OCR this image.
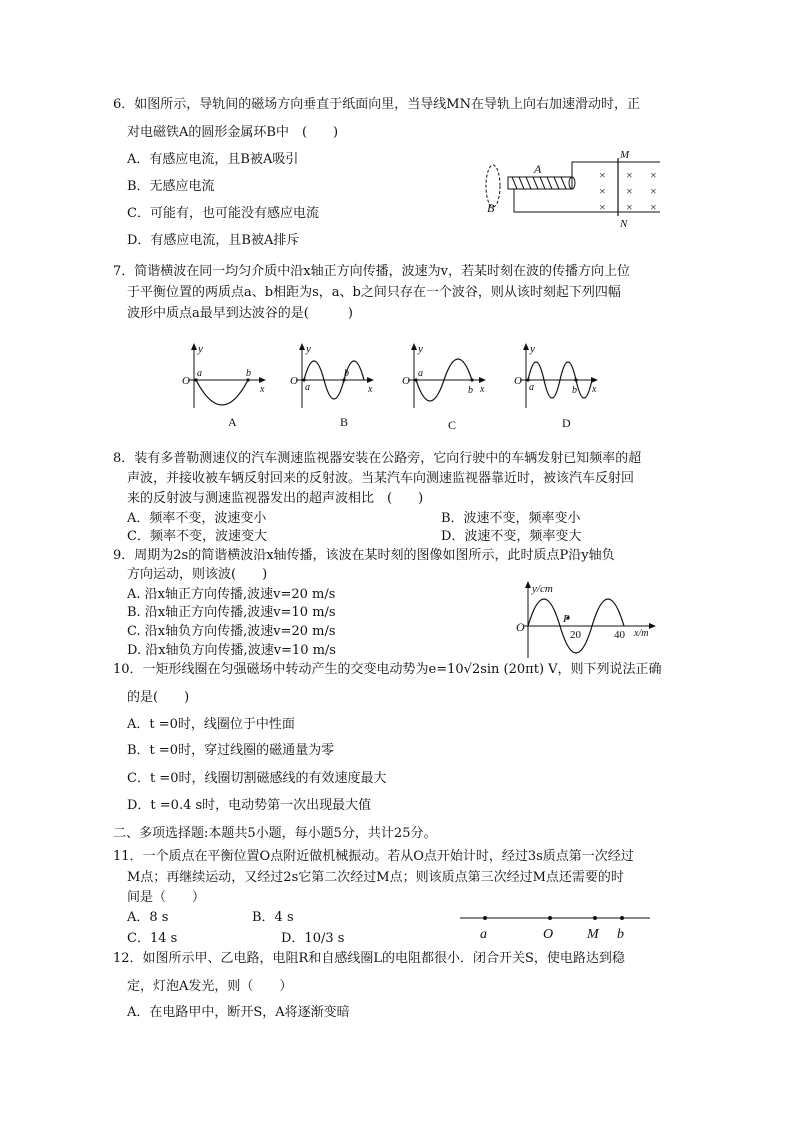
6．如图所示，导轨间的磁场方向垂直于纸面向里，当导线MN在导轨上向右加速滑动时，正
对电磁铁A的圆形金属环B中　(　　)
A．有感应电流，且B被A吸引
B．无感应电流
C．可能有，也可能没有感应电流
D．有感应电流，且B被A排斥
B
A
M
N
× × ×
× × ×
× × ×
7．简谐横波在同一均匀介质中沿x轴正方向传播，波速为v，若某时刻在波的传播方向上位
于平衡位置的两质点a、b相距为s，a、b之间只存在一个波谷，则从该时刻起下列四幅
波形中质点a最早到达波谷的是(　　　)
y
O
a	b
x
A
y
O
a
b
x
B
y
O
a
b x
C
y
O
a	b x
D
8．装有多普勒测速仪的汽车测速监视器安装在公路旁，它向行驶中的车辆发射已知频率的超
声波，并接收被车辆反射回来的反射波。当某汽车向测速监视器靠近时，被该汽车反射回
来的反射波与测速监视器发出的超声波相比　(　　)
A．频率不变，波速变小	B．波速不变，频率变小
C．频率不变，波速变大	D．波速不变，频率变大
9．周期为2s的简谐横波沿x轴传播，该波在某时刻的图像如图所示，此时质点P沿y轴负
方向运动，则该波(　　)
A. 沿x轴正方向传播,波速v=20 m/s
B. 沿x轴正方向传播,波速v=10 m/s
C. 沿x轴负方向传播,波速v=20 m/s
D. 沿x轴负方向传播,波速v=10 m/s
y/cm
O
P
20	40 x/m
10．一矩形线圈在匀强磁场中转动产生的交变电动势为e=10√2sin (20πt) V，则下列说法正确
的是(　　)
A．t =0时，线圈位于中性面
B．t =0时，穿过线圈的磁通量为零
C．t =0时，线圈切割磁感线的有效速度最大
D．t =0.4 s时，电动势第一次出现最大值
二、多项选择题:本题共5小题，每小题5分，共计25分。
11．一个质点在平衡位置O点附近做机械振动。若从O点开始计时，经过3s质点第一次经过
M点；再继续运动，又经过2s它第二次经过M点；则该质点第三次经过M点还需要的时
间是（　　）
A．8 s	B．4 s
C．14 s	D．10/3 s	a	O M b
12．如图所示甲、乙电路，电阻R和自感线圈L的电阻都很小．闭合开关S，使电路达到稳
定，灯泡A发光，则（　　）
A．在电路甲中，断开S，A将逐渐变暗
